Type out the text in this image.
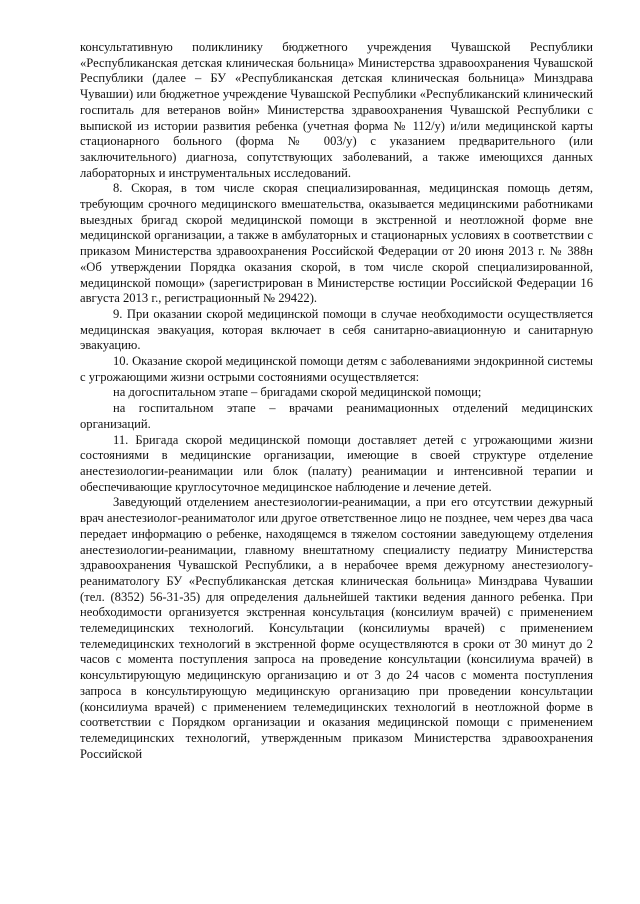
консультативную поликлинику бюджетного учреждения Чувашской Республики «Республиканская детская клиническая больница» Министерства здравоохранения Чувашской Республики (далее – БУ «Республиканская детская клиническая больница» Минздрава Чувашии) или бюджетное учреждение Чувашской Республики «Республиканский клинический госпиталь для ветеранов войн» Министерства здравоохранения Чувашской Республики с выпиской из истории развития ребенка (учетная форма № 112/у) и/или медицинской карты стационарного больного (форма № 003/у) с указанием предварительного (или заключительного) диагноза, сопутствующих заболеваний, а также имеющихся данных лабораторных и инструментальных исследований.

8. Скорая, в том числе скорая специализированная, медицинская помощь детям, требующим срочного медицинского вмешательства, оказывается медицинскими работниками выездных бригад скорой медицинской помощи в экстренной и неотложной форме вне медицинской организации, а также в амбулаторных и стационарных условиях в соответствии с приказом Министерства здравоохранения Российской Федерации от 20 июня 2013 г. № 388н «Об утверждении Порядка оказания скорой, в том числе скорой специализированной, медицинской помощи» (зарегистрирован в Министерстве юстиции Российской Федерации 16 августа 2013 г., регистрационный № 29422).

9. При оказании скорой медицинской помощи в случае необходимости осуществляется медицинская эвакуация, которая включает в себя санитарно-авиационную и санитарную эвакуацию.

10. Оказание скорой медицинской помощи детям с заболеваниями эндокринной системы с угрожающими жизни острыми состояниями осуществляется:

на догоспитальном этапе – бригадами скорой медицинской помощи;

на госпитальном этапе – врачами реанимационных отделений медицинских организаций.

11. Бригада скорой медицинской помощи доставляет детей с угрожающими жизни состояниями в медицинские организации, имеющие в своей структуре отделение анестезиологии-реанимации или блок (палату) реанимации и интенсивной терапии и обеспечивающие круглосуточное медицинское наблюдение и лечение детей.

Заведующий отделением анестезиологии-реанимации, а при его отсутствии дежурный врач анестезиолог-реаниматолог или другое ответственное лицо не позднее, чем через два часа передает информацию о ребенке, находящемся в тяжелом состоянии заведующему отделения анестезиологии-реанимации, главному внештатному специалисту педиатру Министерства здравоохранения Чувашской Республики, а в нерабочее время дежурному анестезиологу-реаниматологу БУ «Республиканская детская клиническая больница» Минздрава Чувашии (тел. (8352) 56-31-35) для определения дальнейшей тактики ведения данного ребенка. При необходимости организуется экстренная консультация (консилиум врачей) с применением телемедицинских технологий. Консультации (консилиумы врачей) с применением телемедицинских технологий в экстренной форме осуществляются в сроки от 30 минут до 2 часов с момента поступления запроса на проведение консультации (консилиума врачей) в консультирующую медицинскую организацию и от 3 до 24 часов с момента поступления запроса в консультирующую медицинскую организацию при проведении консультации (консилиума врачей) с применением телемедицинских технологий в неотложной форме в соответствии с Порядком организации и оказания медицинской помощи с применением телемедицинских технологий, утвержденным приказом Министерства здравоохранения Российской
